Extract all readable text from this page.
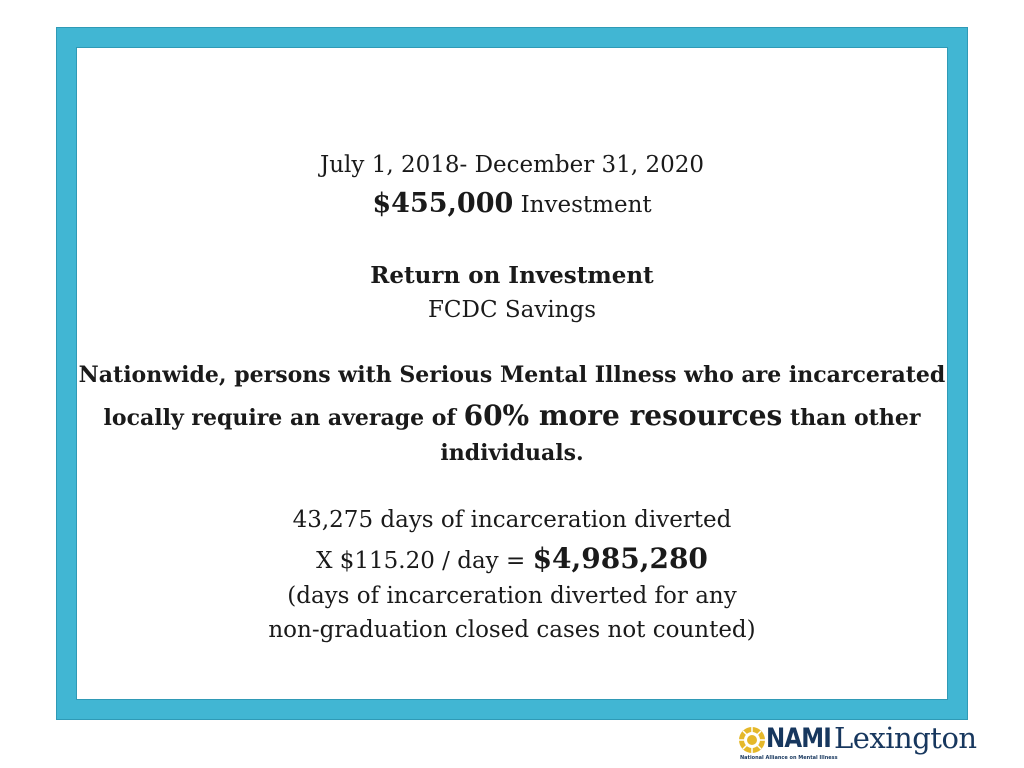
July 1, 2018- December 31, 2020
$455,000 Investment
Return on Investment
FCDC Savings
Nationwide, persons with Serious Mental Illness who are incarcerated
locally require an average of 60% more resources than other
individuals.
43,275 days of incarceration diverted
X $115.20 / day = $4,985,280
(days of incarceration diverted for any
non-graduation closed cases not counted)
NAMI Lexington
National Alliance on Mental Illness
